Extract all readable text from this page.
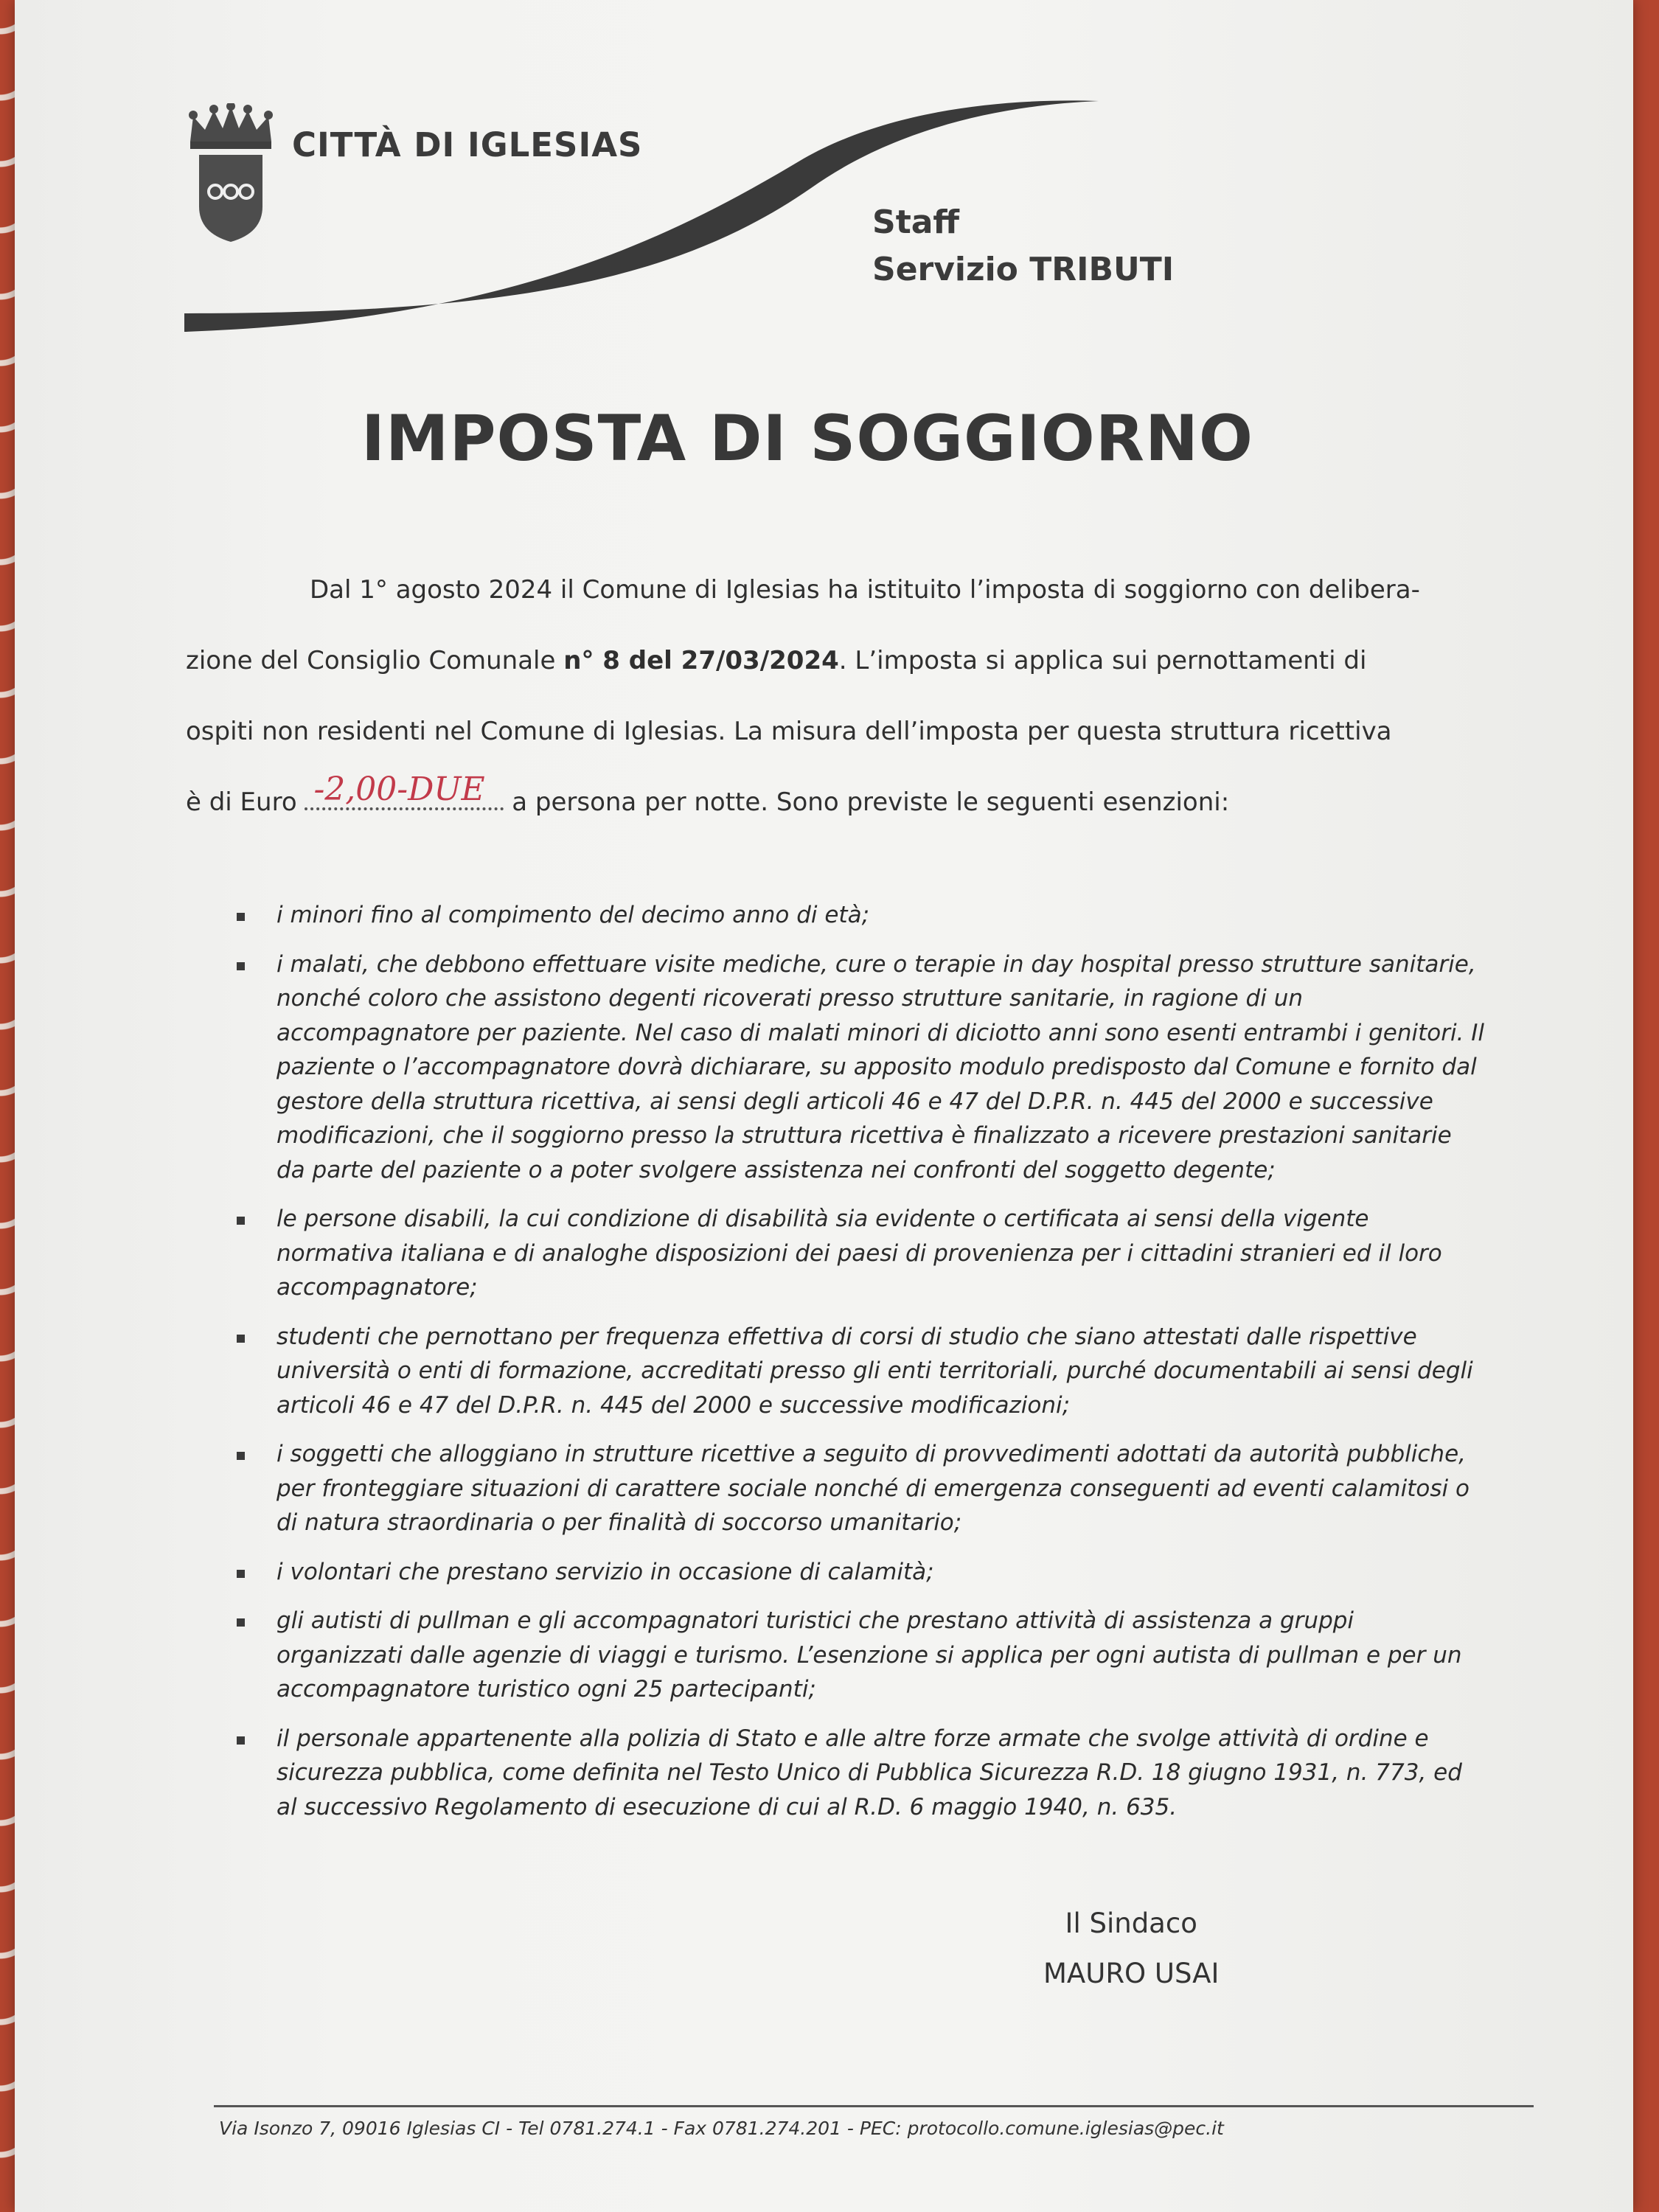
CITTÀ DI IGLESIAS
Staff
Servizio TRIBUTI
IMPOSTA DI SOGGIORNO
Dal 1° agosto 2024 il Comune di Iglesias ha istituito l’imposta di soggiorno con delibera-
zione del Consiglio Comunale n° 8 del 27/03/2024. L’imposta si applica sui pernottamenti di
ospiti non residenti nel Comune di Iglesias. La misura dell’imposta per questa struttura ricettiva
è di Euro -2,00-DUE a persona per notte. Sono previste le seguenti esenzioni:
i minori fino al compimento del decimo anno di età;
i malati, che debbono effettuare visite mediche, cure o terapie in day hospital presso strutture sanitarie, nonché coloro che assistono degenti ricoverati presso strutture sanitarie, in ragione di un accompagnatore per paziente. Nel caso di malati minori di diciotto anni sono esenti entrambi i genitori. Il paziente o l’accompagnatore dovrà dichiarare, su apposito modulo predisposto dal Comune e fornito dal gestore della struttura ricettiva, ai sensi degli articoli 46 e 47 del D.P.R. n. 445 del 2000 e successive modificazioni, che il soggiorno presso la struttura ricettiva è finalizzato a ricevere prestazioni sanitarie da parte del paziente o a poter svolgere assistenza nei confronti del soggetto degente;
le persone disabili, la cui condizione di disabilità sia evidente o certificata ai sensi della vigente normativa italiana e di analoghe disposizioni dei paesi di provenienza per i cittadini stranieri ed il loro accompagnatore;
studenti che pernottano per frequenza effettiva di corsi di studio che siano attestati dalle rispettive università o enti di formazione, accreditati presso gli enti territoriali, purché documentabili ai sensi degli articoli 46 e 47 del D.P.R. n. 445 del 2000 e successive modificazioni;
i soggetti che alloggiano in strutture ricettive a seguito di provvedimenti adottati da autorità pubbliche, per fronteggiare situazioni di carattere sociale nonché di emergenza conseguenti ad eventi calamitosi o di natura straordinaria o per finalità di soccorso umanitario;
i volontari che prestano servizio in occasione di calamità;
gli autisti di pullman e gli accompagnatori turistici che prestano attività di assistenza a gruppi organizzati dalle agenzie di viaggi e turismo. L’esenzione si applica per ogni autista di pullman e per un accompagnatore turistico ogni 25 partecipanti;
il personale appartenente alla polizia di Stato e alle altre forze armate che svolge attività di ordine e sicurezza pubblica, come definita nel Testo Unico di Pubblica Sicurezza R.D. 18 giugno 1931, n. 773, ed al successivo Regolamento di esecuzione di cui al R.D. 6 maggio 1940, n. 635.
Il Sindaco
MAURO USAI
Via Isonzo 7, 09016 Iglesias CI - Tel 0781.274.1 - Fax 0781.274.201 - PEC: protocollo.comune.iglesias@pec.it
